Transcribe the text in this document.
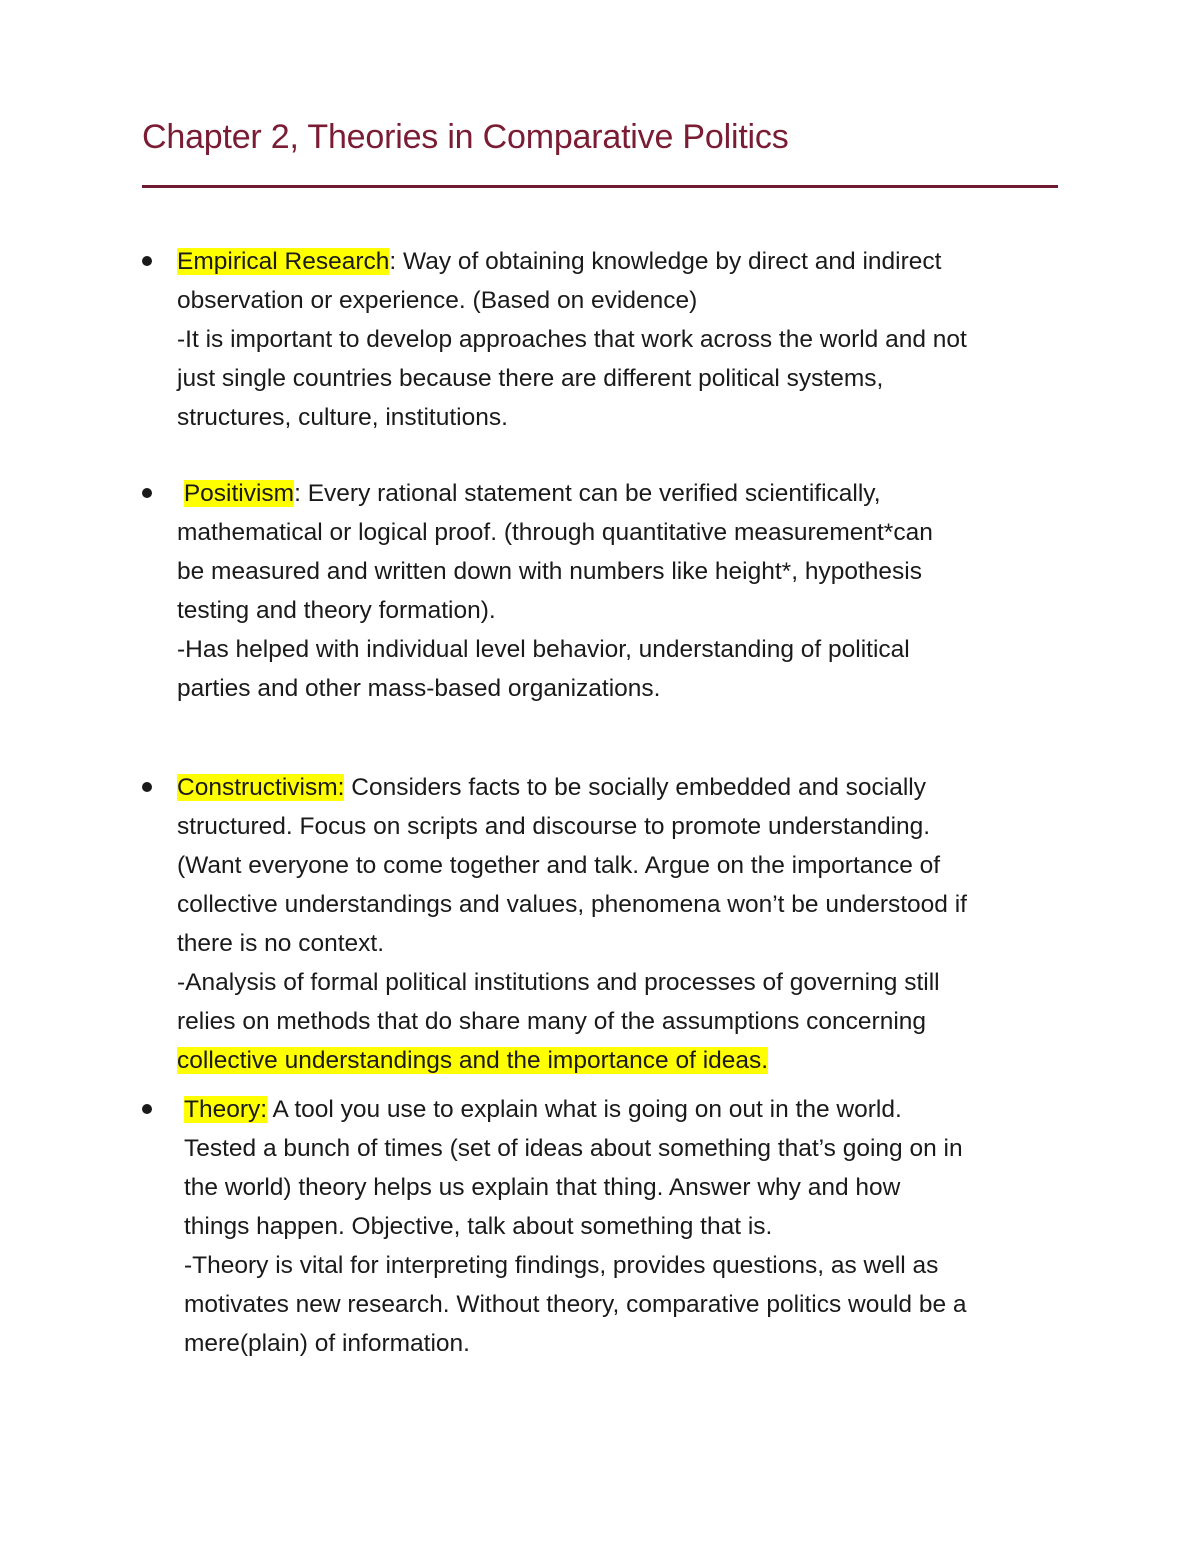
Chapter 2, Theories in Comparative Politics
Empirical Research: Way of obtaining knowledge by direct and indirect
observation or experience. (Based on evidence)
-It is important to develop approaches that work across the world and not
just single countries because there are different political systems,
structures, culture, institutions.
Positivism: Every rational statement can be verified scientifically,
mathematical or logical proof. (through quantitative measurement*can
be measured and written down with numbers like height*, hypothesis
testing and theory formation).
-Has helped with individual level behavior, understanding of political
parties and other mass-based organizations.
Constructivism: Considers facts to be socially embedded and socially
structured. Focus on scripts and discourse to promote understanding.
(Want everyone to come together and talk. Argue on the importance of
collective understandings and values, phenomena won’t be understood if
there is no context.
-Analysis of formal political institutions and processes of governing still
relies on methods that do share many of the assumptions concerning
collective understandings and the importance of ideas.
Theory: A tool you use to explain what is going on out in the world.
Tested a bunch of times (set of ideas about something that’s going on in
the world) theory helps us explain that thing. Answer why and how
things happen. Objective, talk about something that is.
-Theory is vital for interpreting findings, provides questions, as well as
motivates new research. Without theory, comparative politics would be a
mere(plain) of information.
